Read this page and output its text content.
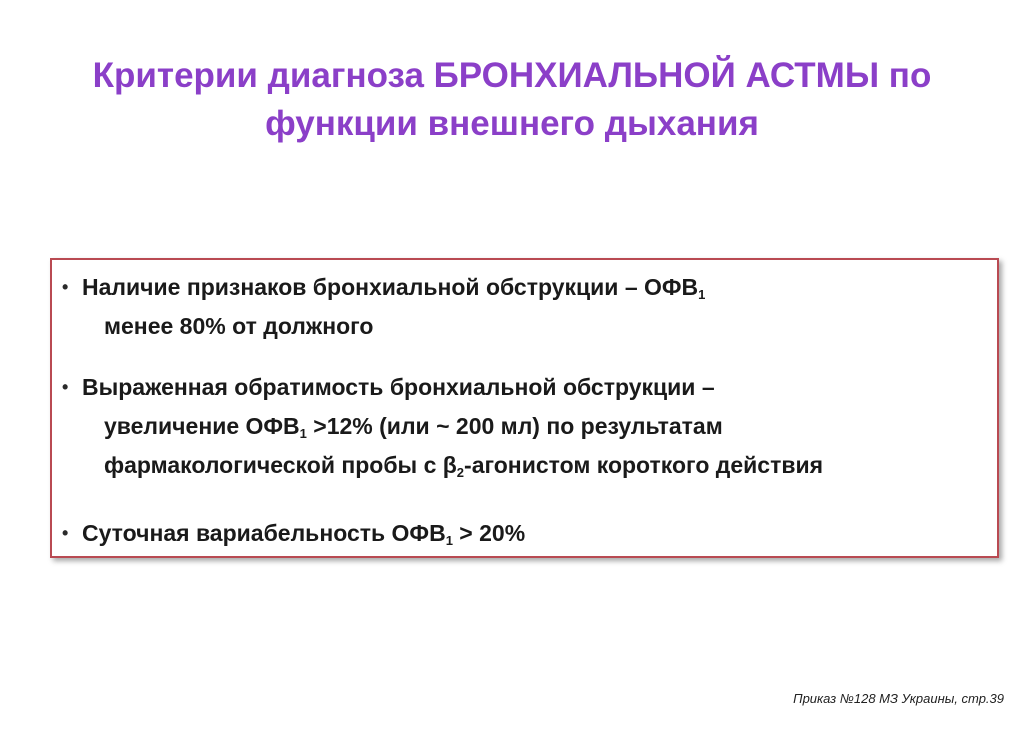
Критерии диагноза БРОНХИАЛЬНОЙ АСТМЫ по
функции внешнего дыхания
• Наличие признаков бронхиальной обструкции – $ОФВ_1$
менее 80% от должного
• Выраженная обратимость бронхиальной обструкции –
увеличение $ОФВ_1 >12\%$ (или ~ 200 мл) по результатам
фармакологической пробы с $\beta_2$-агонистом короткого действия
• Суточная вариабельность $ОФВ_1 > 20\%$
Приказ №128 МЗ Украины, стр.39
